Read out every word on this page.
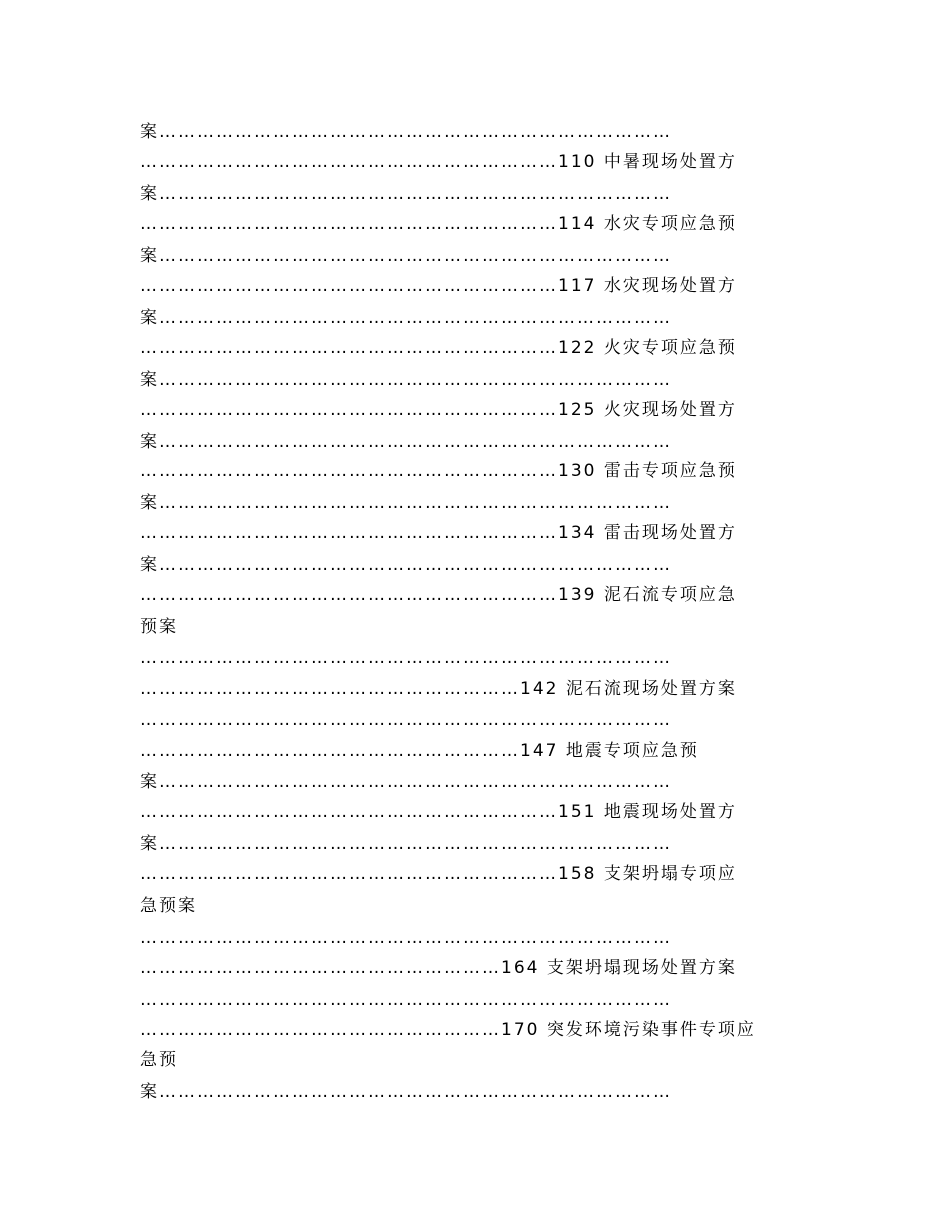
案………………………………………………………………………
…………………………………………………………110 中暑现场处置方
案………………………………………………………………………
…………………………………………………………114 水灾专项应急预
案………………………………………………………………………
…………………………………………………………117 水灾现场处置方
案………………………………………………………………………
…………………………………………………………122 火灾专项应急预
案………………………………………………………………………
…………………………………………………………125 火灾现场处置方
案………………………………………………………………………
…………………………………………………………130 雷击专项应急预
案………………………………………………………………………
…………………………………………………………134 雷击现场处置方
案………………………………………………………………………
…………………………………………………………139 泥石流专项应急
预案
…………………………………………………………………………
……………………………………………………142 泥石流现场处置方案
…………………………………………………………………………
……………………………………………………147 地震专项应急预
案………………………………………………………………………
…………………………………………………………151 地震现场处置方
案………………………………………………………………………
…………………………………………………………158 支架坍塌专项应
急预案
…………………………………………………………………………
…………………………………………………164 支架坍塌现场处置方案
…………………………………………………………………………
…………………………………………………170 突发环境污染事件专项应
急预
案………………………………………………………………………
